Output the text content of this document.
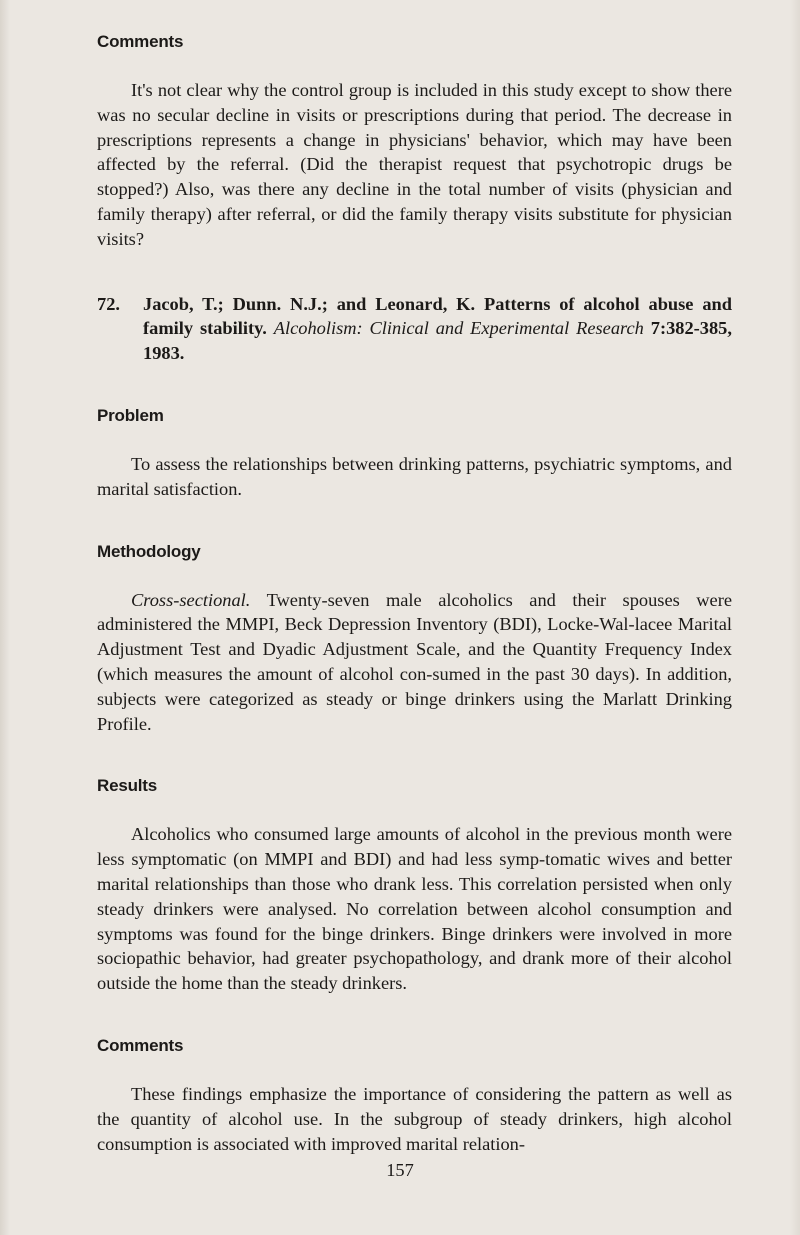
Comments

It's not clear why the control group is included in this study except to show there was no secular decline in visits or prescriptions during that period. The decrease in prescriptions represents a change in physicians' behavior, which may have been affected by the referral. (Did the therapist request that psychotropic drugs be stopped?) Also, was there any decline in the total number of visits (physician and family therapy) after referral, or did the family therapy visits substitute for physician visits?

72.	Jacob, T.; Dunn. N.J.; and Leonard, K. Patterns of alcohol abuse and family stability. Alcoholism: Clinical and Experimental Research 7:382-385, 1983.
Problem

To assess the relationships between drinking patterns, psychiatric symptoms, and marital satisfaction.

Methodology

Cross-sectional. Twenty-seven male alcoholics and their spouses were administered the MMPI, Beck Depression Inventory (BDI), Locke-Wal-lacee Marital Adjustment Test and Dyadic Adjustment Scale, and the Quantity Frequency Index (which measures the amount of alcohol con-sumed in the past 30 days). In addition, subjects were categorized as steady or binge drinkers using the Marlatt Drinking Profile.

Results

Alcoholics who consumed large amounts of alcohol in the previous month were less symptomatic (on MMPI and BDI) and had less symp-tomatic wives and better marital relationships than those who drank less. This correlation persisted when only steady drinkers were analysed. No correlation between alcohol consumption and symptoms was found for the binge drinkers. Binge drinkers were involved in more sociopathic behavior, had greater psychopathology, and drank more of their alcohol outside the home than the steady drinkers.

Comments

These findings emphasize the importance of considering the pattern as well as the quantity of alcohol use. In the subgroup of steady drinkers, high alcohol consumption is associated with improved marital relation-

157
